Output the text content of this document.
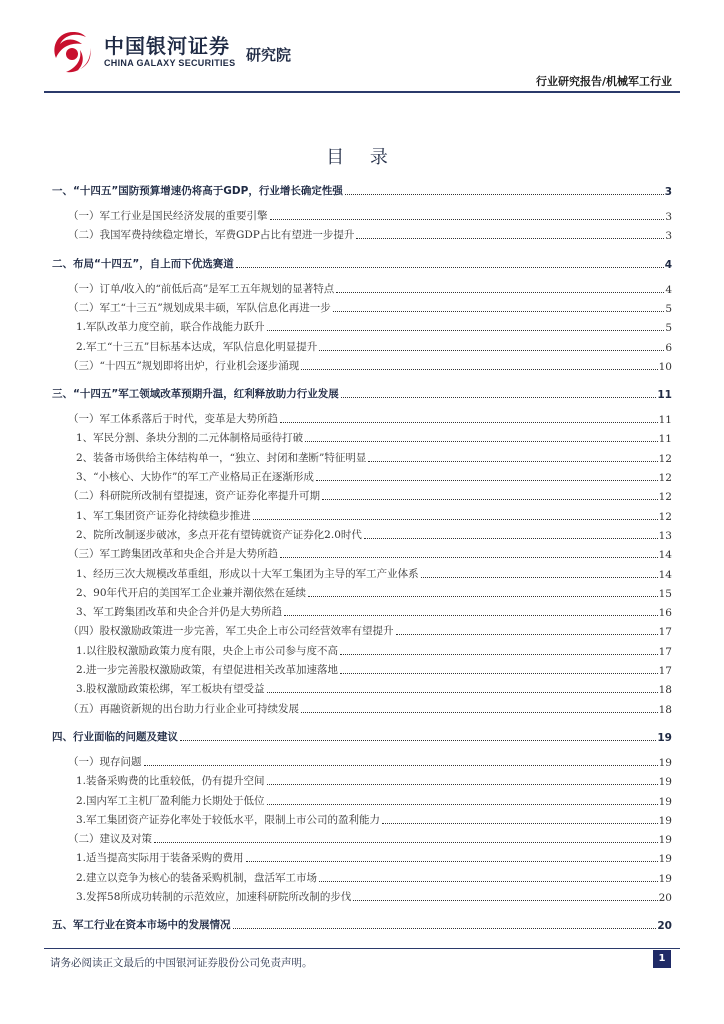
中国银河证券
CHINA GALAXY SECURITIES 研究院
行业研究报告/机械军工行业
目 录
一、“十四五”国防预算增速仍将高于GDP，行业增长确定性强	3
（一）军工行业是国民经济发展的重要引擎	3
（二）我国军费持续稳定增长，军费GDP占比有望进一步提升	3
二、布局“十四五”，自上而下优选赛道	4
（一）订单/收入的“前低后高”是军工五年规划的显著特点	4
（二）军工“十三五”规划成果丰硕，军队信息化再进一步	5
1.军队改革力度空前，联合作战能力跃升	5
2.军工“十三五”目标基本达成，军队信息化明显提升	6
（三）“十四五”规划即将出炉，行业机会逐步涌现	10
三、“十四五”军工领域改革预期升温，红利释放助力行业发展	11
（一）军工体系落后于时代，变革是大势所趋	11
1、军民分割、条块分割的二元体制格局亟待打破	11
2、装备市场供给主体结构单一，“独立、封闭和垄断”特征明显	12
3、“小核心、大协作”的军工产业格局正在逐渐形成	12
（二）科研院所改制有望提速，资产证券化率提升可期	12
1、军工集团资产证券化持续稳步推进	12
2、院所改制逐步破冰，多点开花有望铸就资产证券化2.0时代	13
（三）军工跨集团改革和央企合并是大势所趋	14
1、经历三次大规模改革重组，形成以十大军工集团为主导的军工产业体系	14
2、90年代开启的美国军工企业兼并潮依然在延续	15
3、军工跨集团改革和央企合并仍是大势所趋	16
（四）股权激励政策进一步完善，军工央企上市公司经营效率有望提升	17
1.以往股权激励政策力度有限，央企上市公司参与度不高	17
2.进一步完善股权激励政策，有望促进相关改革加速落地	17
3.股权激励政策松绑，军工板块有望受益	18
（五）再融资新规的出台助力行业企业可持续发展	18
四、行业面临的问题及建议	19
（一）现存问题	19
1.装备采购费的比重较低，仍有提升空间	19
2.国内军工主机厂盈利能力长期处于低位	19
3.军工集团资产证券化率处于较低水平，限制上市公司的盈利能力	19
（二）建议及对策	19
1.适当提高实际用于装备采购的费用	19
2.建立以竞争为核心的装备采购机制，盘活军工市场	19
3.发挥58所成功转制的示范效应，加速科研院所改制的步伐	20
五、军工行业在资本市场中的发展情况	20
请务必阅读正文最后的中国银河证券股份公司免责声明。	1
